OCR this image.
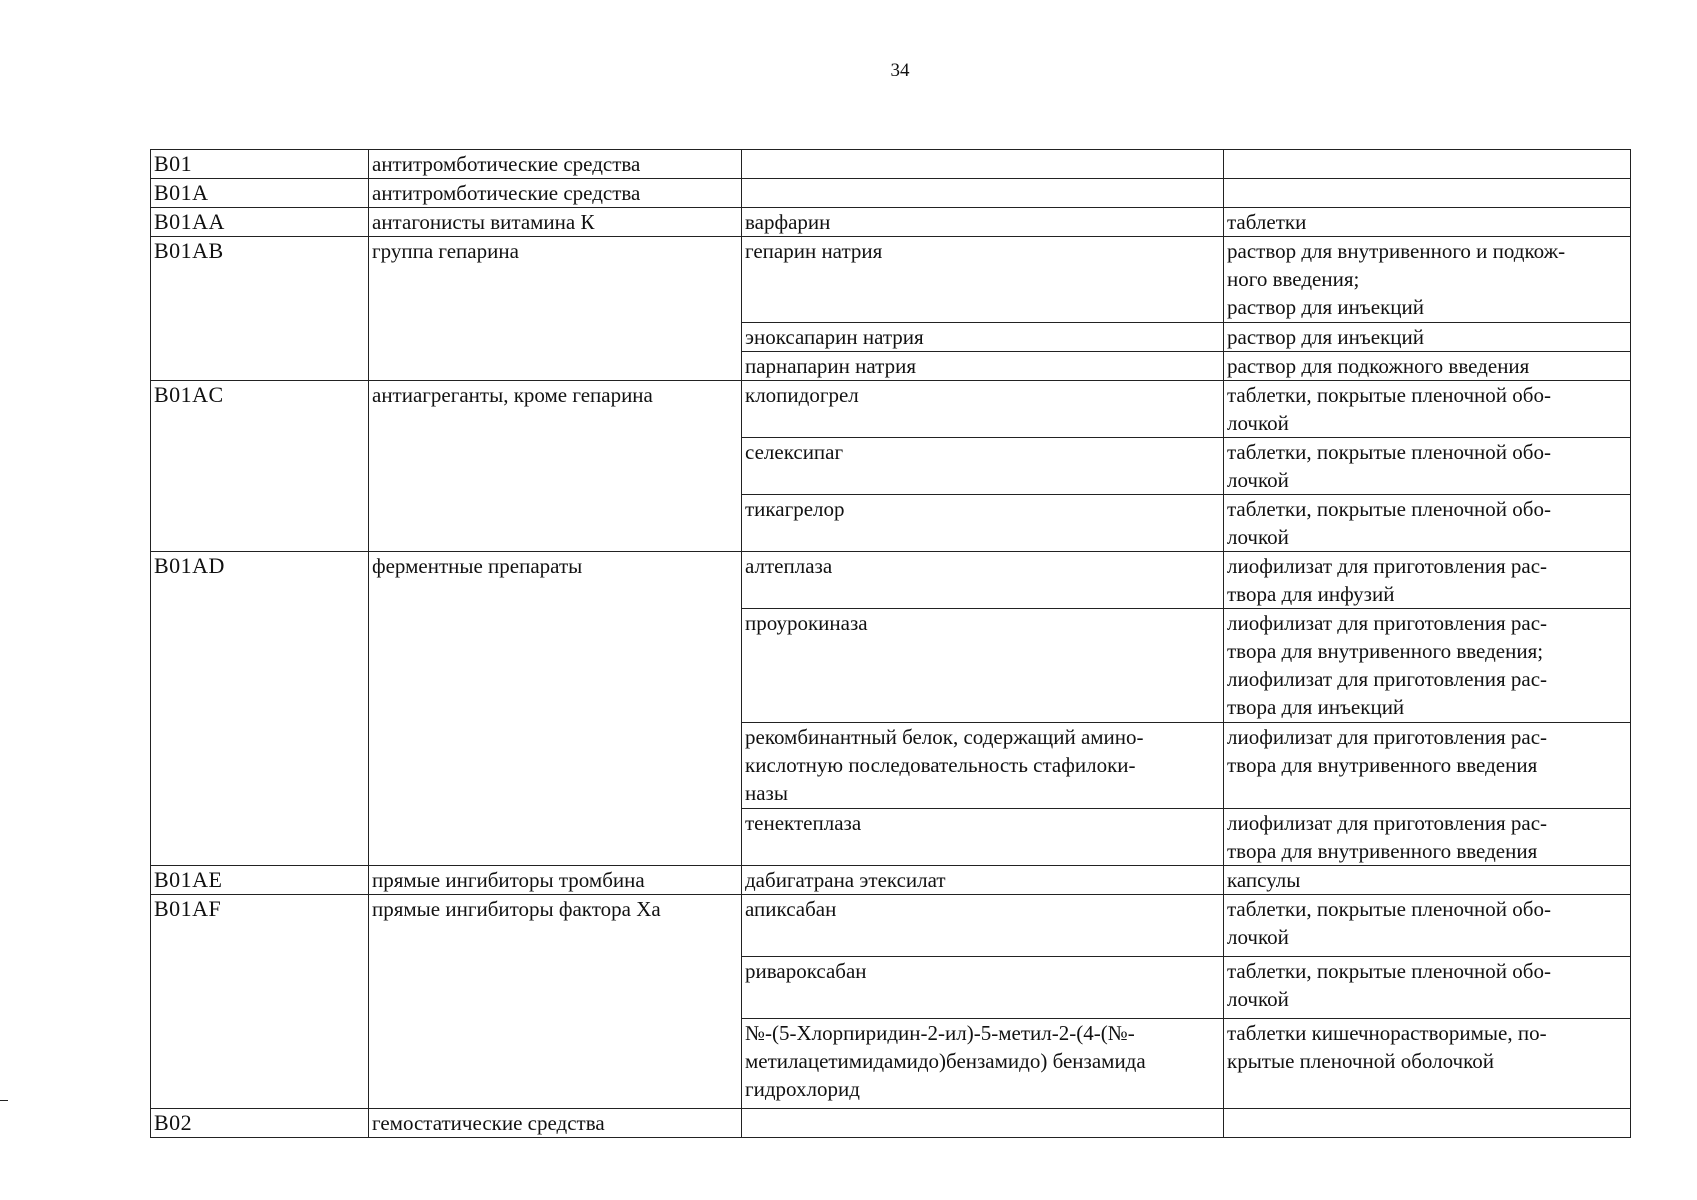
34
B01	антитромботические средства		
B01A	антитромботические средства		
B01AA	антагонисты витамина К	варфарин	таблетки
B01AB	группа гепарина	гепарин натрия	раствор для внутривенного и подкож-
ного введения;
раствор для инъекций
		эноксапарин натрия	раствор для инъекций
		парнапарин натрия	раствор для подкожного введения
B01AC	антиагреганты, кроме гепарина	клопидогрел	таблетки, покрытые пленочной обо-
лочкой
		селексипаг	таблетки, покрытые пленочной обо-
лочкой
		тикагрелор	таблетки, покрытые пленочной обо-
лочкой
B01AD	ферментные препараты	алтеплаза	лиофилизат для приготовления рас-
твора для инфузий
		проурокиназа	лиофилизат для приготовления рас-
твора для внутривенного введения;
лиофилизат для приготовления рас-
твора для инъекций
		рекомбинантный белок, содержащий амино-
кислотную последовательность стафилоки-
назы	лиофилизат для приготовления рас-
твора для внутривенного введения
		тенектеплаза	лиофилизат для приготовления рас-
твора для внутривенного введения
B01AE	прямые ингибиторы тромбина	дабигатрана этексилат	капсулы
B01AF	прямые ингибиторы фактора Ха	апиксабан	таблетки, покрытые пленочной обо-
лочкой
		ривароксабан	таблетки, покрытые пленочной обо-
лочкой
		№-(5-Хлорпиридин-2-ил)-5-метил-2-(4-(№-
метилацетимидамидо)бензамидо) бензамида
гидрохлорид	таблетки кишечнорастворимые, по-
крытые пленочной оболочкой
B02	гемостатические средства		
